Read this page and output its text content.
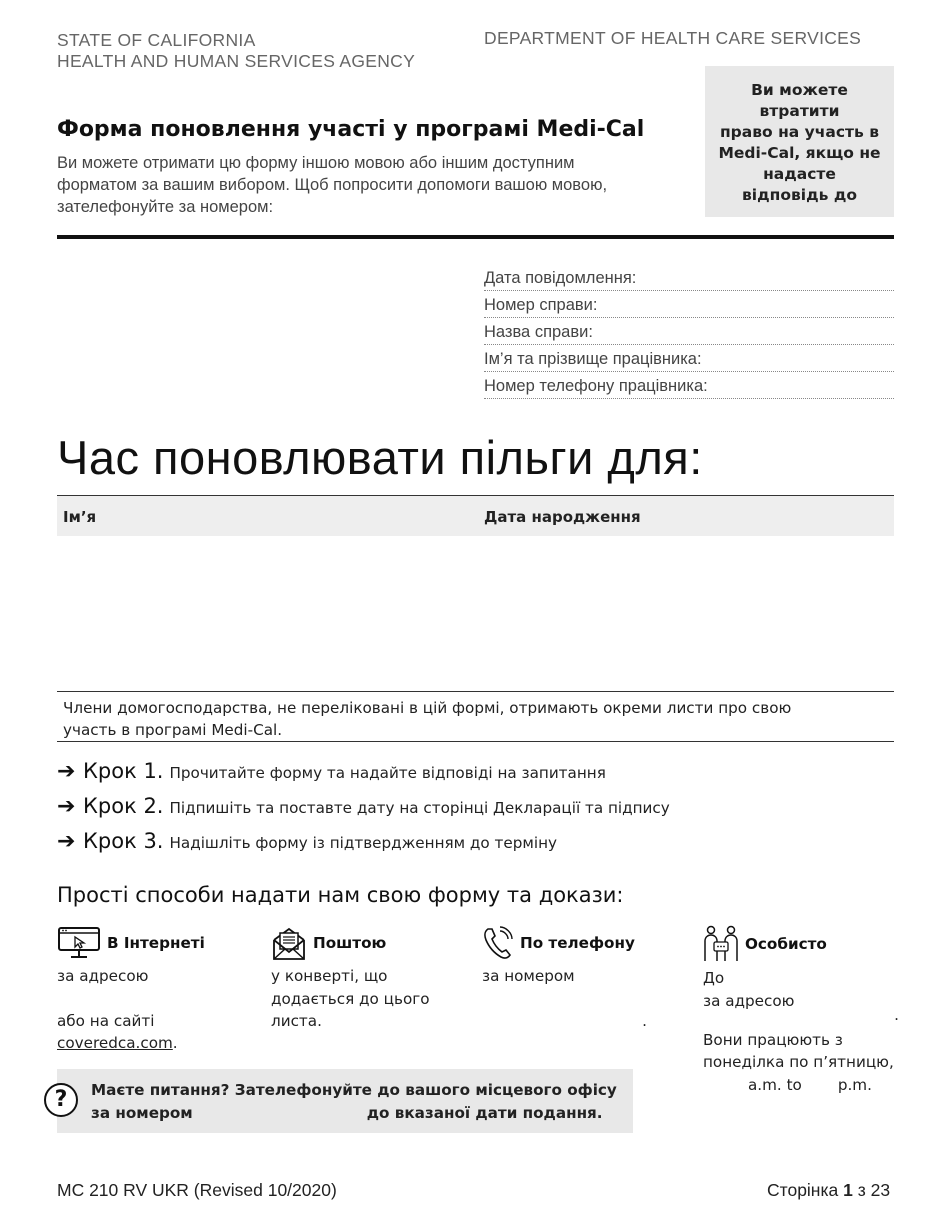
STATE OF CALIFORNIA
HEALTH AND HUMAN SERVICES AGENCY
DEPARTMENT OF HEALTH CARE SERVICES
Ви можете втратити
право на участь в
Medi-Cal, якщо не
надасте
відповідь до
Форма поновлення участі у програмі Medi-Cal
Ви можете отримати цю форму іншою мовою або іншим доступним
форматом за вашим вибором. Щоб попросити допомоги вашою мовою,
зателефонуйте за номером:
Дата повідомлення:
Номер справи:
Назва справи:
Ім’я та прізвище працівника:
Номер телефону працівника:
Час поновлювати пільги для:
Ім’я	Дата народження
Члени домогосподарства, не переліковані в цій формі, отримають окреми листи про свою
участь в програмі Medi-Cal.
➔ Крок 1. Прочитайте форму та надайте відповіді на запитання
➔ Крок 2. Підпишіть та поставте дату на сторінці Декларації та підпису
➔ Крок 3. Надішліть форму із підтвердженням до терміну
Прості способи надати нам свою форму та докази:
В Інтернеті
за адресою
або на сайті
coveredca.com.
Поштою
у конверті, що
додається до цього
листа.
По телефону
за номером
.
Особисто
До
за адресою
.
Вони працюють з
понеділка по п’ятницю,
a.m. to p.m.
?	Маєте питання? Зателефонуйте до вашого місцевого офісу
за номером	до вказаної дати подання.
MC 210 RV UKR (Revised 10/2020)	Сторінка 1 з 23
